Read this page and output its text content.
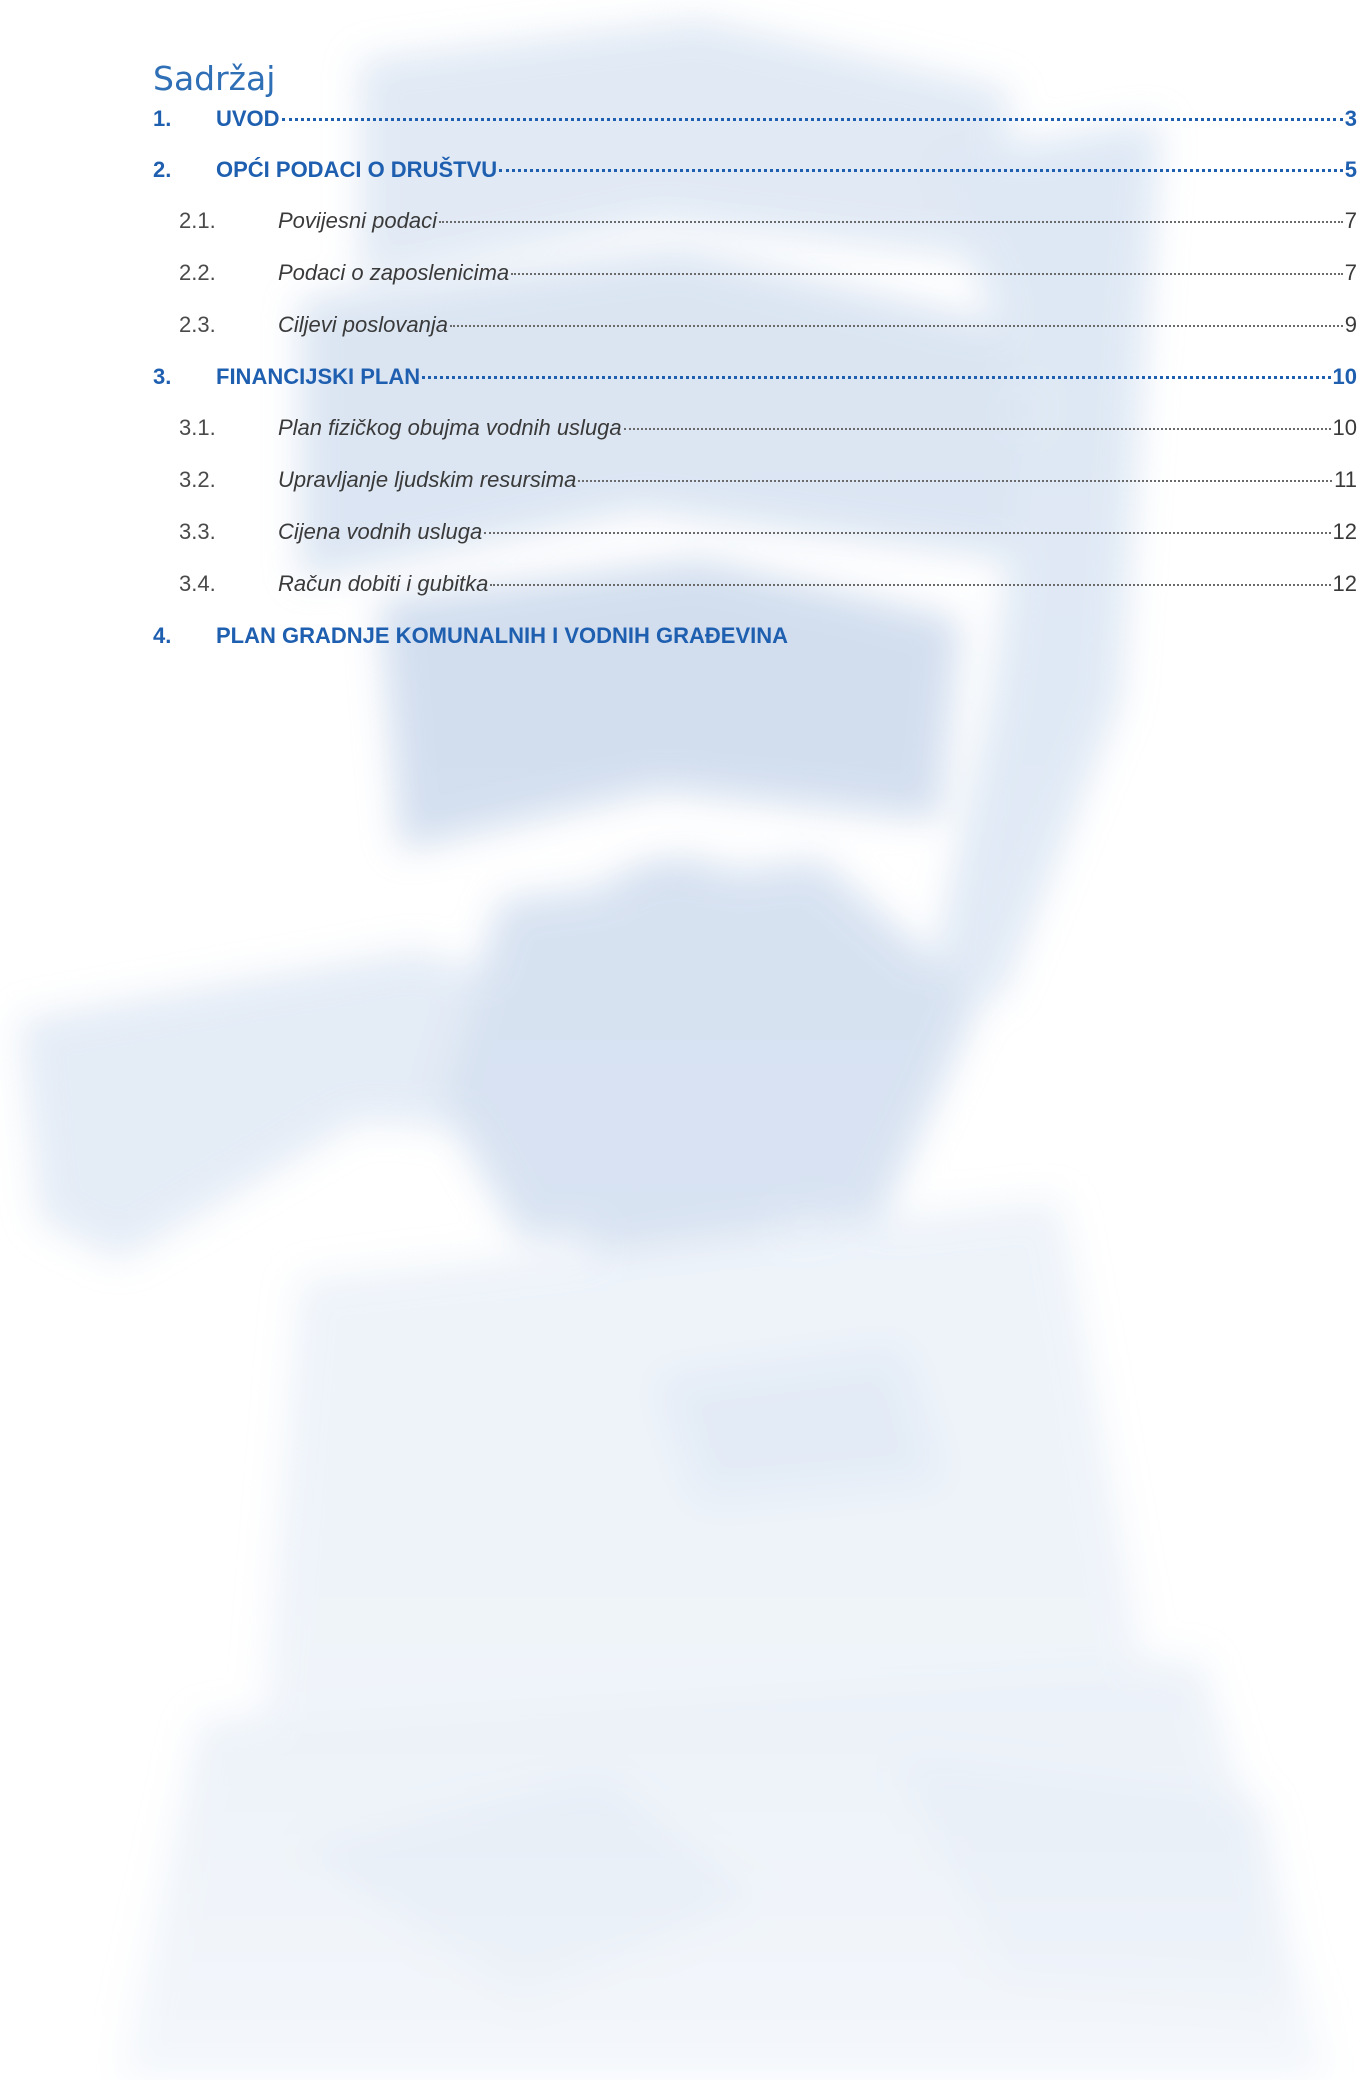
Sadržaj
1.	UVOD	3
2.	OPĆI PODACI O DRUŠTVU	5
2.1.	Povijesni podaci	7
2.2.	Podaci o zaposlenicima	7
2.3.	Ciljevi poslovanja	9
3.	FINANCIJSKI PLAN	10
3.1.	Plan fizičkog obujma vodnih usluga	10
3.2.	Upravljanje ljudskim resursima	11
3.3.	Cijena vodnih usluga	12
3.4.	Račun dobiti i gubitka	12
4.	PLAN GRADNJE KOMUNALNIH I VODNIH GRAĐEVINA
